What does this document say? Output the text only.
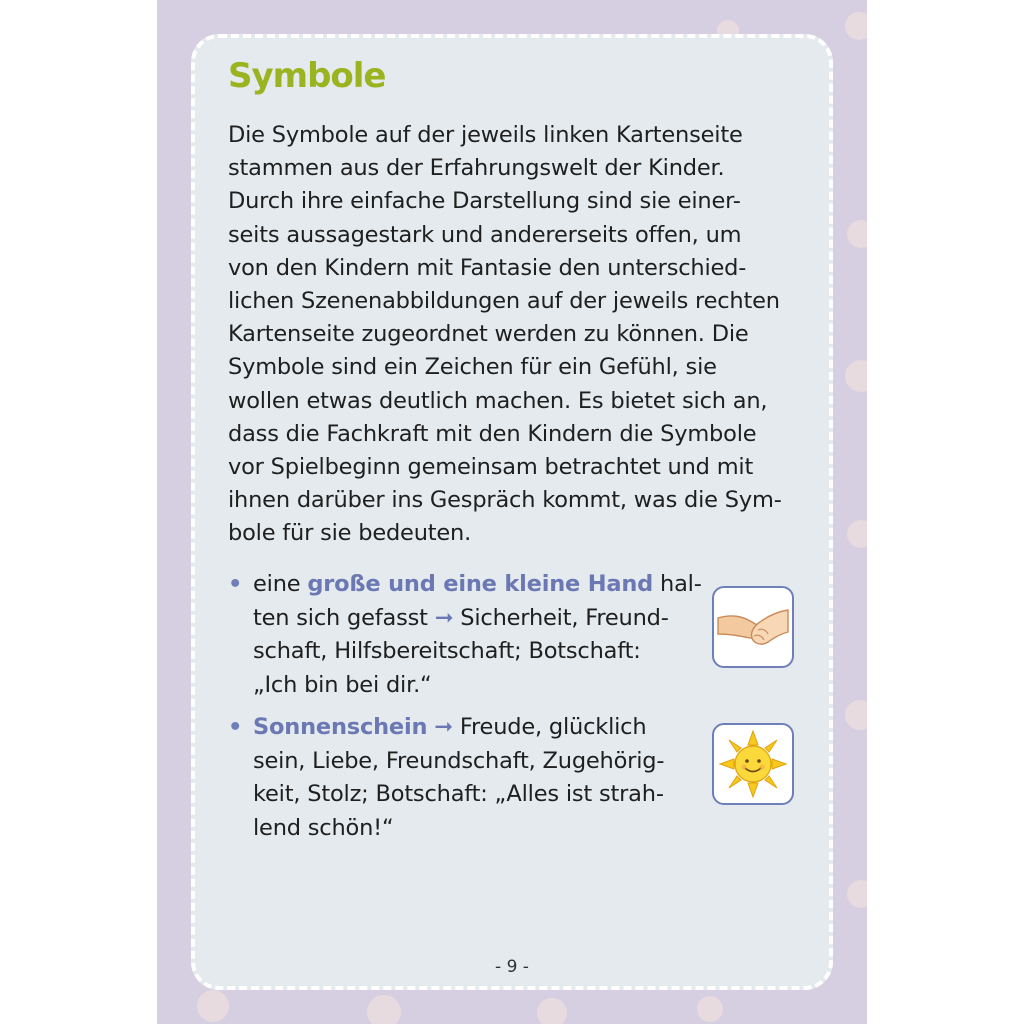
Symbole
Die Symbole auf der jeweils linken Kartenseite
stammen aus der Erfahrungswelt der Kinder.
Durch ihre einfache Darstellung sind sie einer-
seits aussagestark und andererseits offen, um
von den Kindern mit Fantasie den unterschied-
lichen Szenenabbildungen auf der jeweils rechten
Kartenseite zugeordnet werden zu können. Die
Symbole sind ein Zeichen für ein Gefühl, sie
wollen etwas deutlich machen. Es bietet sich an,
dass die Fachkraft mit den Kindern die Symbole
vor Spielbeginn gemeinsam betrachtet und mit
ihnen darüber ins Gespräch kommt, was die Sym-
bole für sie bedeuten.
• eine große und eine kleine Hand hal-
ten sich gefasst ➞ Sicherheit, Freund-
schaft, Hilfsbereitschaft; Botschaft:
„Ich bin bei dir.“
• Sonnenschein ➞ Freude, glücklich
sein, Liebe, Freundschaft, Zugehörig-
keit, Stolz; Botschaft: „Alles ist strah-
lend schön!“
- 9 -
